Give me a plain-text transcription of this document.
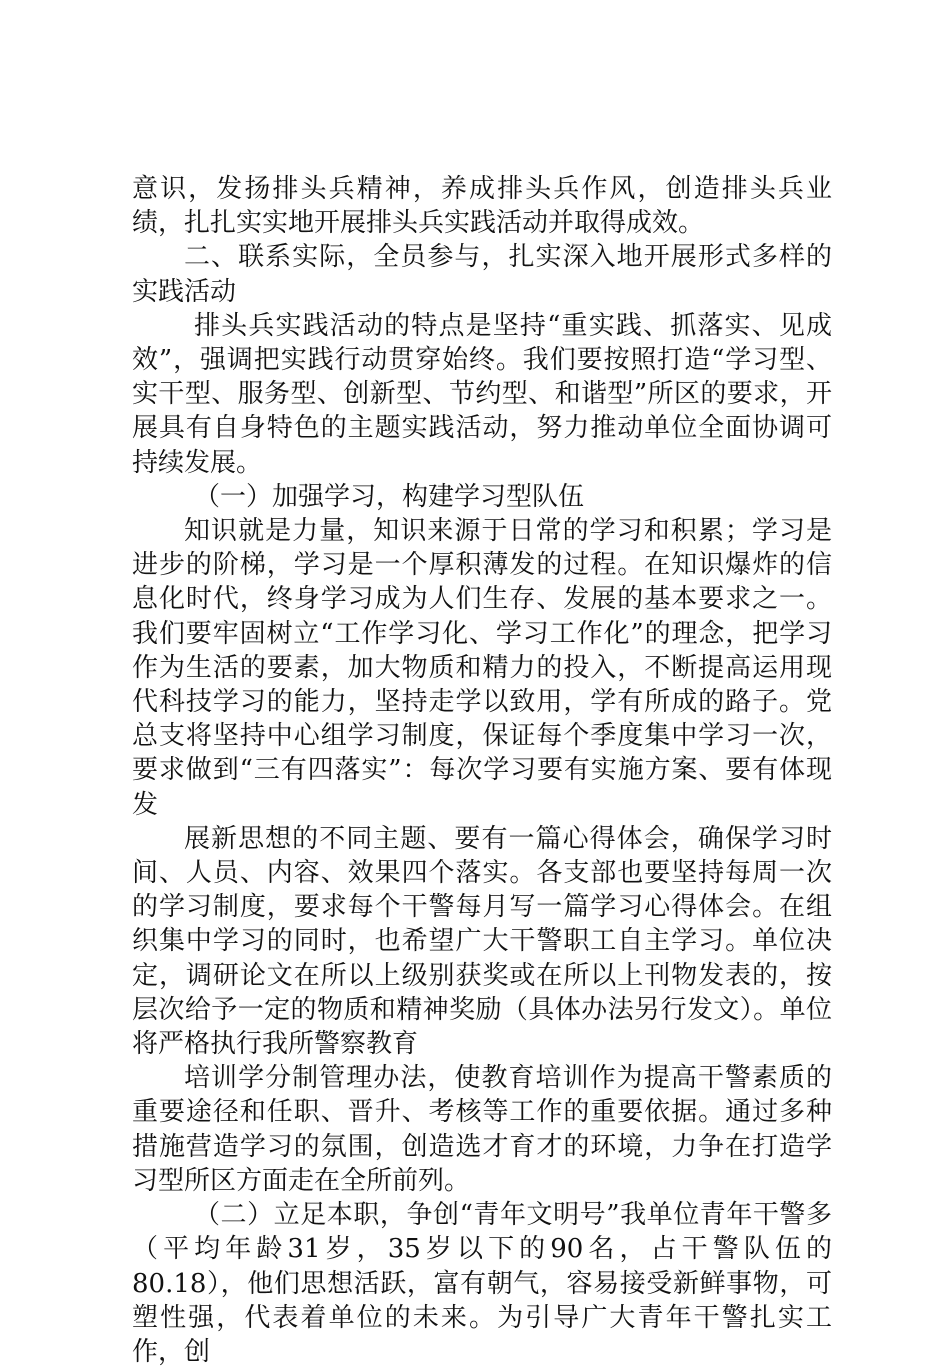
意识，发扬排头兵精神，养成排头兵作风，创造排头兵业绩，扎扎实实地开展排头兵实践活动并取得成效。

二、联系实际，全员参与，扎实深入地开展形式多样的实践活动

排头兵实践活动的特点是坚持“重实践、抓落实、见成效”，强调把实践行动贯穿始终。我们要按照打造“学习型、实干型、服务型、创新型、节约型、和谐型”所区的要求，开展具有自身特色的主题实践活动，努力推动单位全面协调可持续发展。

（一）加强学习，构建学习型队伍

知识就是力量，知识来源于日常的学习和积累；学习是进步的阶梯，学习是一个厚积薄发的过程。在知识爆炸的信息化时代，终身学习成为人们生存、发展的基本要求之一。我们要牢固树立“工作学习化、学习工作化”的理念，把学习作为生活的要素，加大物质和精力的投入，不断提高运用现代科技学习的能力，坚持走学以致用，学有所成的路子。党总支将坚持中心组学习制度，保证每个季度集中学习一次，要求做到“三有四落实”：每次学习要有实施方案、要有体现发

展新思想的不同主题、要有一篇心得体会，确保学习时间、人员、内容、效果四个落实。各支部也要坚持每周一次的学习制度，要求每个干警每月写一篇学习心得体会。在组织集中学习的同时，也希望广大干警职工自主学习。单位决定，调研论文在所以上级别获奖或在所以上刊物发表的，按层次给予一定的物质和精神奖励（具体办法另行发文）。单位将严格执行我所警察教育

培训学分制管理办法，使教育培训作为提高干警素质的重要途径和任职、晋升、考核等工作的重要依据。通过多种措施营造学习的氛围，创造选才育才的环境，力争在打造学习型所区方面走在全所前列。

（二）立足本职，争创“青年文明号”我单位青年干警多（平均年龄31岁，35岁以下的90名，占干警队伍的80.18），他们思想活跃，富有朝气，容易接受新鲜事物，可塑性强，代表着单位的未来。为引导广大青年干警扎实工作，创
